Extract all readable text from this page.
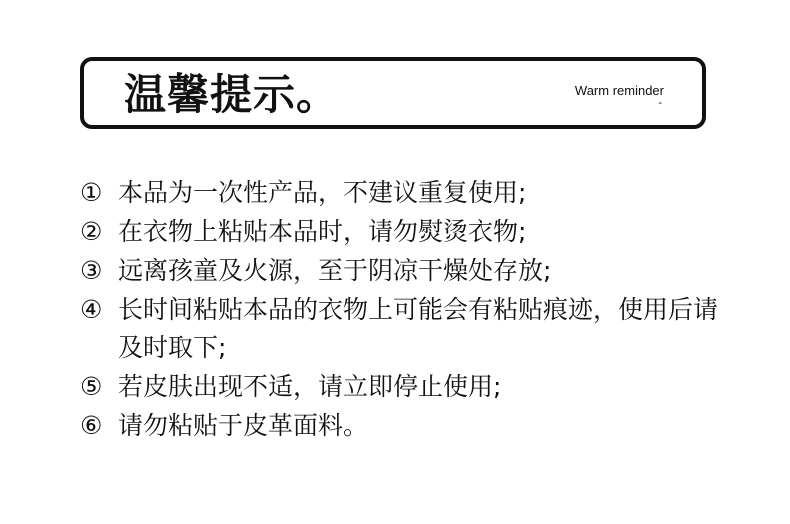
温馨提示。	Warm reminder
-
① 本品为一次性产品，不建议重复使用;
② 在衣物上粘贴本品时，请勿熨烫衣物;
③ 远离孩童及火源，至于阴凉干燥处存放;
④ 长时间粘贴本品的衣物上可能会有粘贴痕迹，使用后请及时取下;
⑤ 若皮肤出现不适，请立即停止使用;
⑥ 请勿粘贴于皮革面料。
